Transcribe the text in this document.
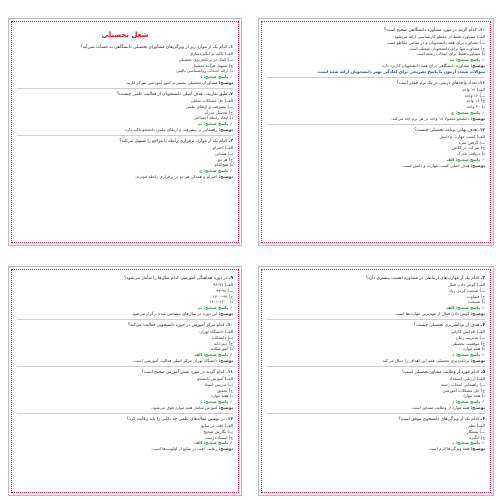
شغل تحصیلی
۱. کدام یک از موارد زیر از ویژگی‌های مشاوران تحصیلی دانشگاهی به حساب نمی‌آید؟
الف) تاکید بر انگیزه‌سازی
ب) کمک در برنامه‌ریزی تحصیلی
ج) تسهیل فرآیند تحصیل
د) ارائه خدمات روانشناسی بالینی
✓ پاسخ صحیح: د
توضیح: مشاوران تحصیلی بیشتر بر امور آموزشی تمرکز دارند.
۲. طبق تعاریف، هدف اصلی دانشجویان از فعالیت علمی چیست؟
الف) حل مشکلات شغلی
ب) پیشرفت و ارتقای علمی
ج) تحصیل مدرک
د) ایجاد رابطه اجتماعی
✓ پاسخ صحیح: ب
توضیح: راهنمایی بر پیشرفت و ارتقای علمی دانشجو تاکید دارد.
۳. کدام یک از موارد، برقراری رابطه با مراجع را تسهیل می‌کند؟
الف) احترام
ب) همدلی
ج) هر دو
د) هیچ‌کدام
✓ پاسخ صحیح: ج
توضیح: احترام و همدلی هر دو در برقراری رابطه موثرند.
۱۰. کدام گزینه در مورد مشاوره دانشگاهی صحیح است؟
الف) مشاوره فقط در مقطع کارشناسی ارائه می‌شود
ب) مشاوره برای همه دانشجویان و در تمامی مقاطع است
ج) مشاوره تنها برای دانشجویان ضعیف است
د) مشاوره فقط برای انتخاب رشته است
✓ پاسخ صحیح: ب
توضیح: مشاوره دانشگاهی برای همه دانشجویان کاربرد دارد.
سوالات متعدد آزمون با پاسخ تشریحی برای آمادگی بهتر دانشجویان ارائه شده است.
۱۱. تعداد واحدهای درسی در یک ترم چقدر است؟
الف) ۱۲ واحد
ب) ۱۴ واحد
ج) ۱۸ واحد
د) ۲۰ واحد
✓ پاسخ صحیح: ج
توضیح: دانشجو معمولا ۱۸ واحد در هر ترم اخذ می‌کند.
۱۲. هدف نهایی برنامه تحصیلی چیست؟
الف) کسب مهارت و دانش
ب) گرفتن نمره
ج) شرکت در کلاس
د) دریافت مدرک
✓ پاسخ صحیح: الف
توضیح: هدف اصلی کسب مهارت و دانش است.
۹. در دوره هماهنگی آموزشی کدام سال‌ها را شامل می‌شود؟
الف) ۹۷-۹۸
ب) ۹۸-۹۹
ج) ۹۹-۱۴۰۰
د) ۱۴۰۰-۱۴۰۱
✓ پاسخ صحیح: ب
توضیح: این دوره در سال‌های مشخص شده برگزار می‌شود.
۱۰. کدام مرکز آموزش در حوزه دانشجویی فعالیت می‌کند؟
الف) دانشگاه تهران
ب) دانشکده
ج) دبیرخانه
د) آموزشکده
✓ پاسخ صحیح: الف
توضیح: دانشگاه تهران مرکز اصلی فعالیت آموزشی است.
۱۱. کدام گزینه در مورد نقش آموزش صحیح است؟
الف) آموزش دانشجو
ب) تدریس استاد
ج) تحقیق
د) همه موارد
✓ پاسخ صحیح: د
توضیح: آموزش شامل همه موارد فوق می‌شود.
۱۲. در نوشتن مقاله‌های علمی چه نکاتی را باید رعایت کرد؟
الف) دقت در منابع
ب) نگارش صحیح
ج) استناد درست
✓ پاسخ صحیح: الف
توضیح: رعایت دقت در منابع از اولویت‌ها است.
۳. کدام یک از مهارت‌های ارتباطی در مشاوره اهمیت بیشتری دارد؟
الف) گوش دادن فعال
ب) صحبت کردن زیاد
ج) قضاوت
د) نصیحت
✓ پاسخ صحیح: الف
توضیح: گوش دادن فعال از مهم‌ترین مهارت‌ها است.
۴. هدف از برنامه‌ریزی تحصیلی چیست؟
الف) افزایش کارایی
ب) مدیریت زمان
ج) موفقیت تحصیلی
د) همه موارد
✓ پاسخ صحیح: د
توضیح: برنامه‌ریزی تحصیلی همه این اهداف را دنبال می‌کند.
۵. کدام مورد از وظایف مشاور تحصیلی است؟
الف) ارزیابی استعداد
ب) راهنمایی انتخاب رشته
ج) حل مشکلات آموزشی
د) همه موارد
✓ پاسخ صحیح: د
توضیح: همه موارد از وظایف مشاور است.
۶. کدام یک از ویژگی‌های دانشجوی موفق است؟
الف) نظم
ب) پشتکار
ج) انگیزه
✓ پاسخ صحیح: د
توضیح: همه ویژگی‌ها لازم است.
